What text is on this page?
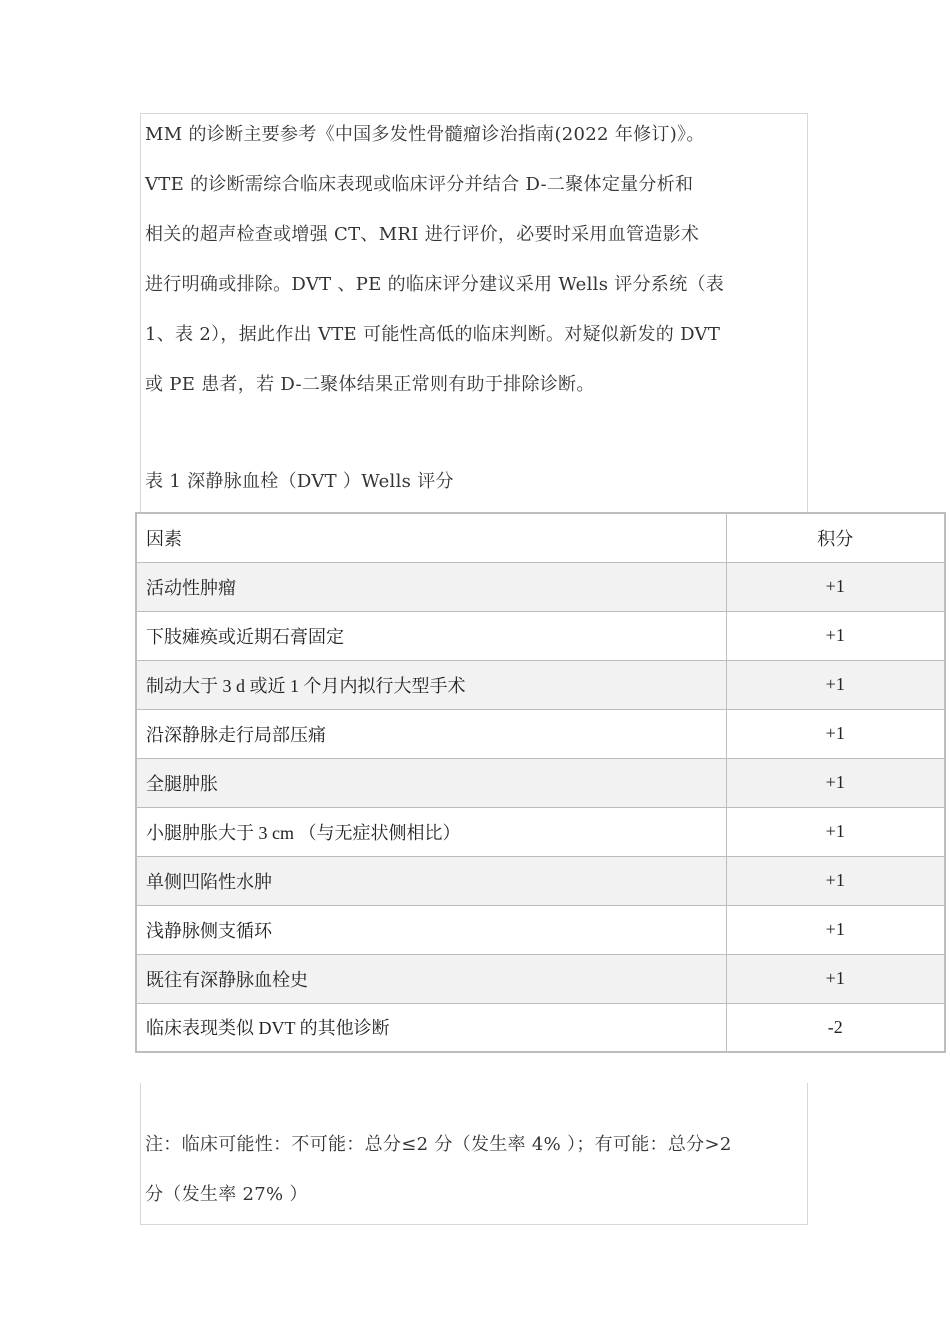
MM 的诊断主要参考《中国多发性骨髓瘤诊治指南(2022 年修订)》。
VTE 的诊断需综合临床表现或临床评分并结合 D-二聚体定量分析和
相关的超声检查或增强 CT、MRI 进行评价，必要时采用血管造影术
进行明确或排除。DVT 、PE 的临床评分建议采用 Wells 评分系统（表
1、表 2），据此作出 VTE 可能性高低的临床判断。对疑似新发的 DVT
或 PE 患者，若 D-二聚体结果正常则有助于排除诊断。

表 1 深静脉血栓（DVT ）Wells 评分

因素	积分
活动性肿瘤	+1
下肢瘫痪或近期石膏固定	+1
制动大于 3 d 或近 1 个月内拟行大型手术	+1
沿深静脉走行局部压痛	+1
全腿肿胀	+1
小腿肿胀大于 3 cm （与无症状侧相比）	+1
单侧凹陷性水肿	+1
浅静脉侧支循环	+1
既往有深静脉血栓史	+1
临床表现类似 DVT 的其他诊断	-2
注：临床可能性：不可能：总分≤2 分（发生率 4% ）；有可能：总分>2
分（发生率 27% ）
